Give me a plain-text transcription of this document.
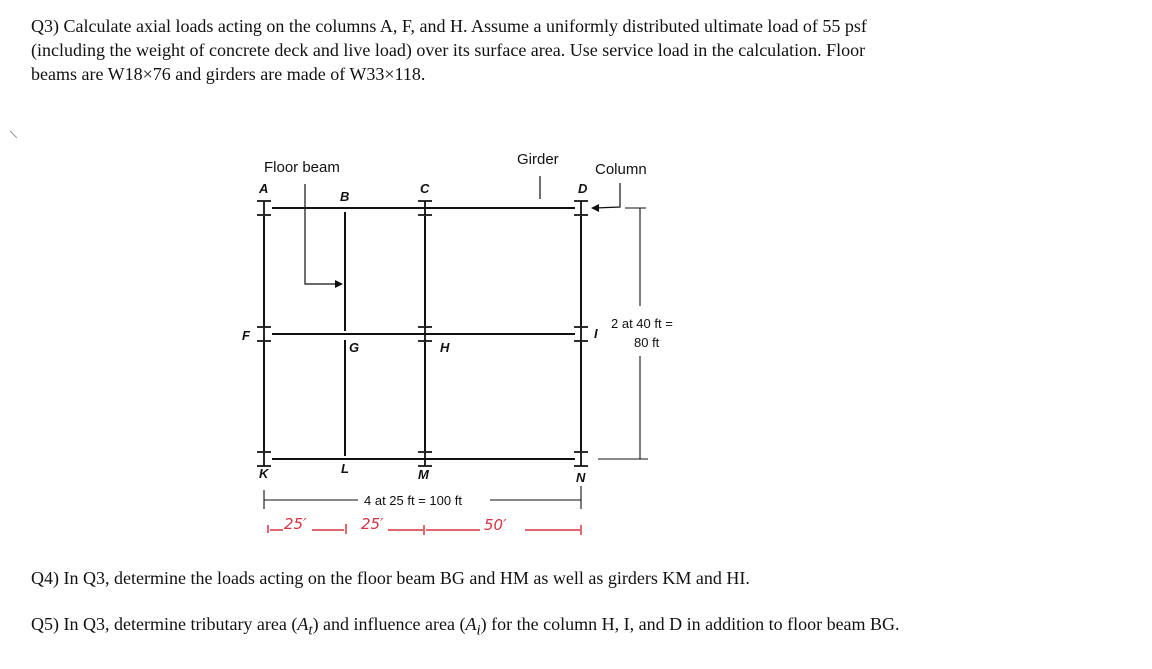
Q3) Calculate axial loads acting on the columns A, F, and H. Assume a uniformly distributed ultimate load of 55 psf (including the weight of concrete deck and live load) over its surface area. Use service load in the calculation. Floor beams are W18×76 and girders are made of W33×118.

Floor beam	Girder
Column
A
B
C	D
F
G	H
I
K	L	M	N
2 at 40 ft =
80 ft
4 at 25 ft = 100 ft
25′	25′	50′

Q4) In Q3, determine the loads acting on the floor beam BG and HM as well as girders KM and HI.

Q5) In Q3, determine tributary area $(A_t)$ and influence area $(A_i)$ for the column H, I, and D in addition to floor beam BG.
